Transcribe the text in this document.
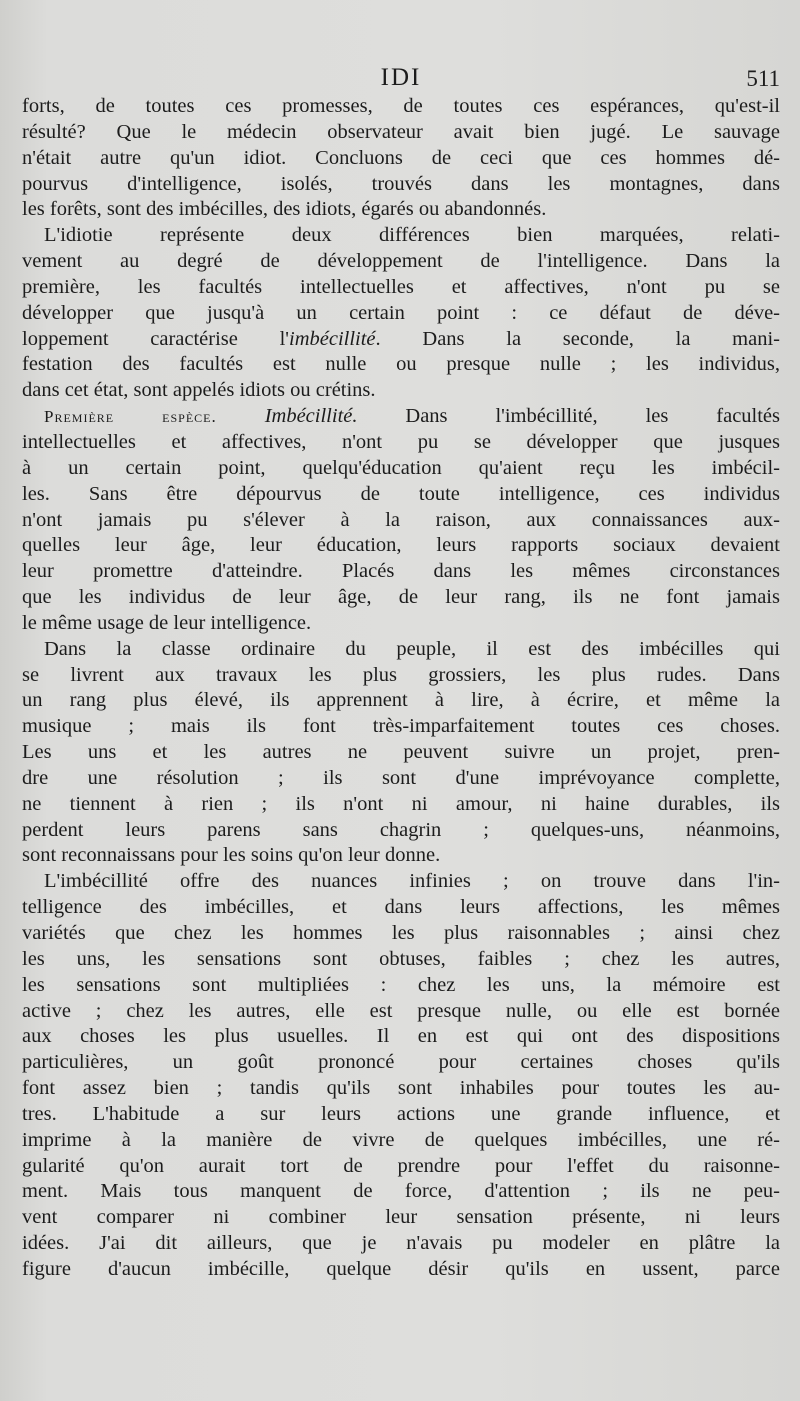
IDI	511
forts, de toutes ces promesses, de toutes ces espérances, qu'est-il
résulté? Que le médecin observateur avait bien jugé. Le sauvage
n'était autre qu'un idiot. Concluons de ceci que ces hommes dé-
pourvus d'intelligence, isolés, trouvés dans les montagnes, dans
les forêts, sont des imbécilles, des idiots, égarés ou abandonnés.
L'idiotie représente deux différences bien marquées, relati-
vement au degré de développement de l'intelligence. Dans la
première, les facultés intellectuelles et affectives, n'ont pu se
développer que jusqu'à un certain point : ce défaut de déve-
loppement caractérise l'imbécillité. Dans la seconde, la mani-
festation des facultés est nulle ou presque nulle ; les individus,
dans cet état, sont appelés idiots ou crétins.
Première espèce. Imbécillité. Dans l'imbécillité, les facultés
intellectuelles et affectives, n'ont pu se développer que jusques
à un certain point, quelqu'éducation qu'aient reçu les imbécil-
les. Sans être dépourvus de toute intelligence, ces individus
n'ont jamais pu s'élever à la raison, aux connaissances aux-
quelles leur âge, leur éducation, leurs rapports sociaux devaient
leur promettre d'atteindre. Placés dans les mêmes circonstances
que les individus de leur âge, de leur rang, ils ne font jamais
le même usage de leur intelligence.
Dans la classe ordinaire du peuple, il est des imbécilles qui
se livrent aux travaux les plus grossiers, les plus rudes. Dans
un rang plus élevé, ils apprennent à lire, à écrire, et même la
musique ; mais ils font très-imparfaitement toutes ces choses.
Les uns et les autres ne peuvent suivre un projet, pren-
dre une résolution ; ils sont d'une imprévoyance complette,
ne tiennent à rien ; ils n'ont ni amour, ni haine durables, ils
perdent leurs parens sans chagrin ; quelques-uns, néanmoins,
sont reconnaissans pour les soins qu'on leur donne.
L'imbécillité offre des nuances infinies ; on trouve dans l'in-
telligence des imbécilles, et dans leurs affections, les mêmes
variétés que chez les hommes les plus raisonnables ; ainsi chez
les uns, les sensations sont obtuses, faibles ; chez les autres,
les sensations sont multipliées : chez les uns, la mémoire est
active ; chez les autres, elle est presque nulle, ou elle est bornée
aux choses les plus usuelles. Il en est qui ont des dispositions
particulières, un goût prononcé pour certaines choses qu'ils
font assez bien ; tandis qu'ils sont inhabiles pour toutes les au-
tres. L'habitude a sur leurs actions une grande influence, et
imprime à la manière de vivre de quelques imbécilles, une ré-
gularité qu'on aurait tort de prendre pour l'effet du raisonne-
ment. Mais tous manquent de force, d'attention ; ils ne peu-
vent comparer ni combiner leur sensation présente, ni leurs
idées. J'ai dit ailleurs, que je n'avais pu modeler en plâtre la
figure d'aucun imbécille, quelque désir qu'ils en ussent, parce
